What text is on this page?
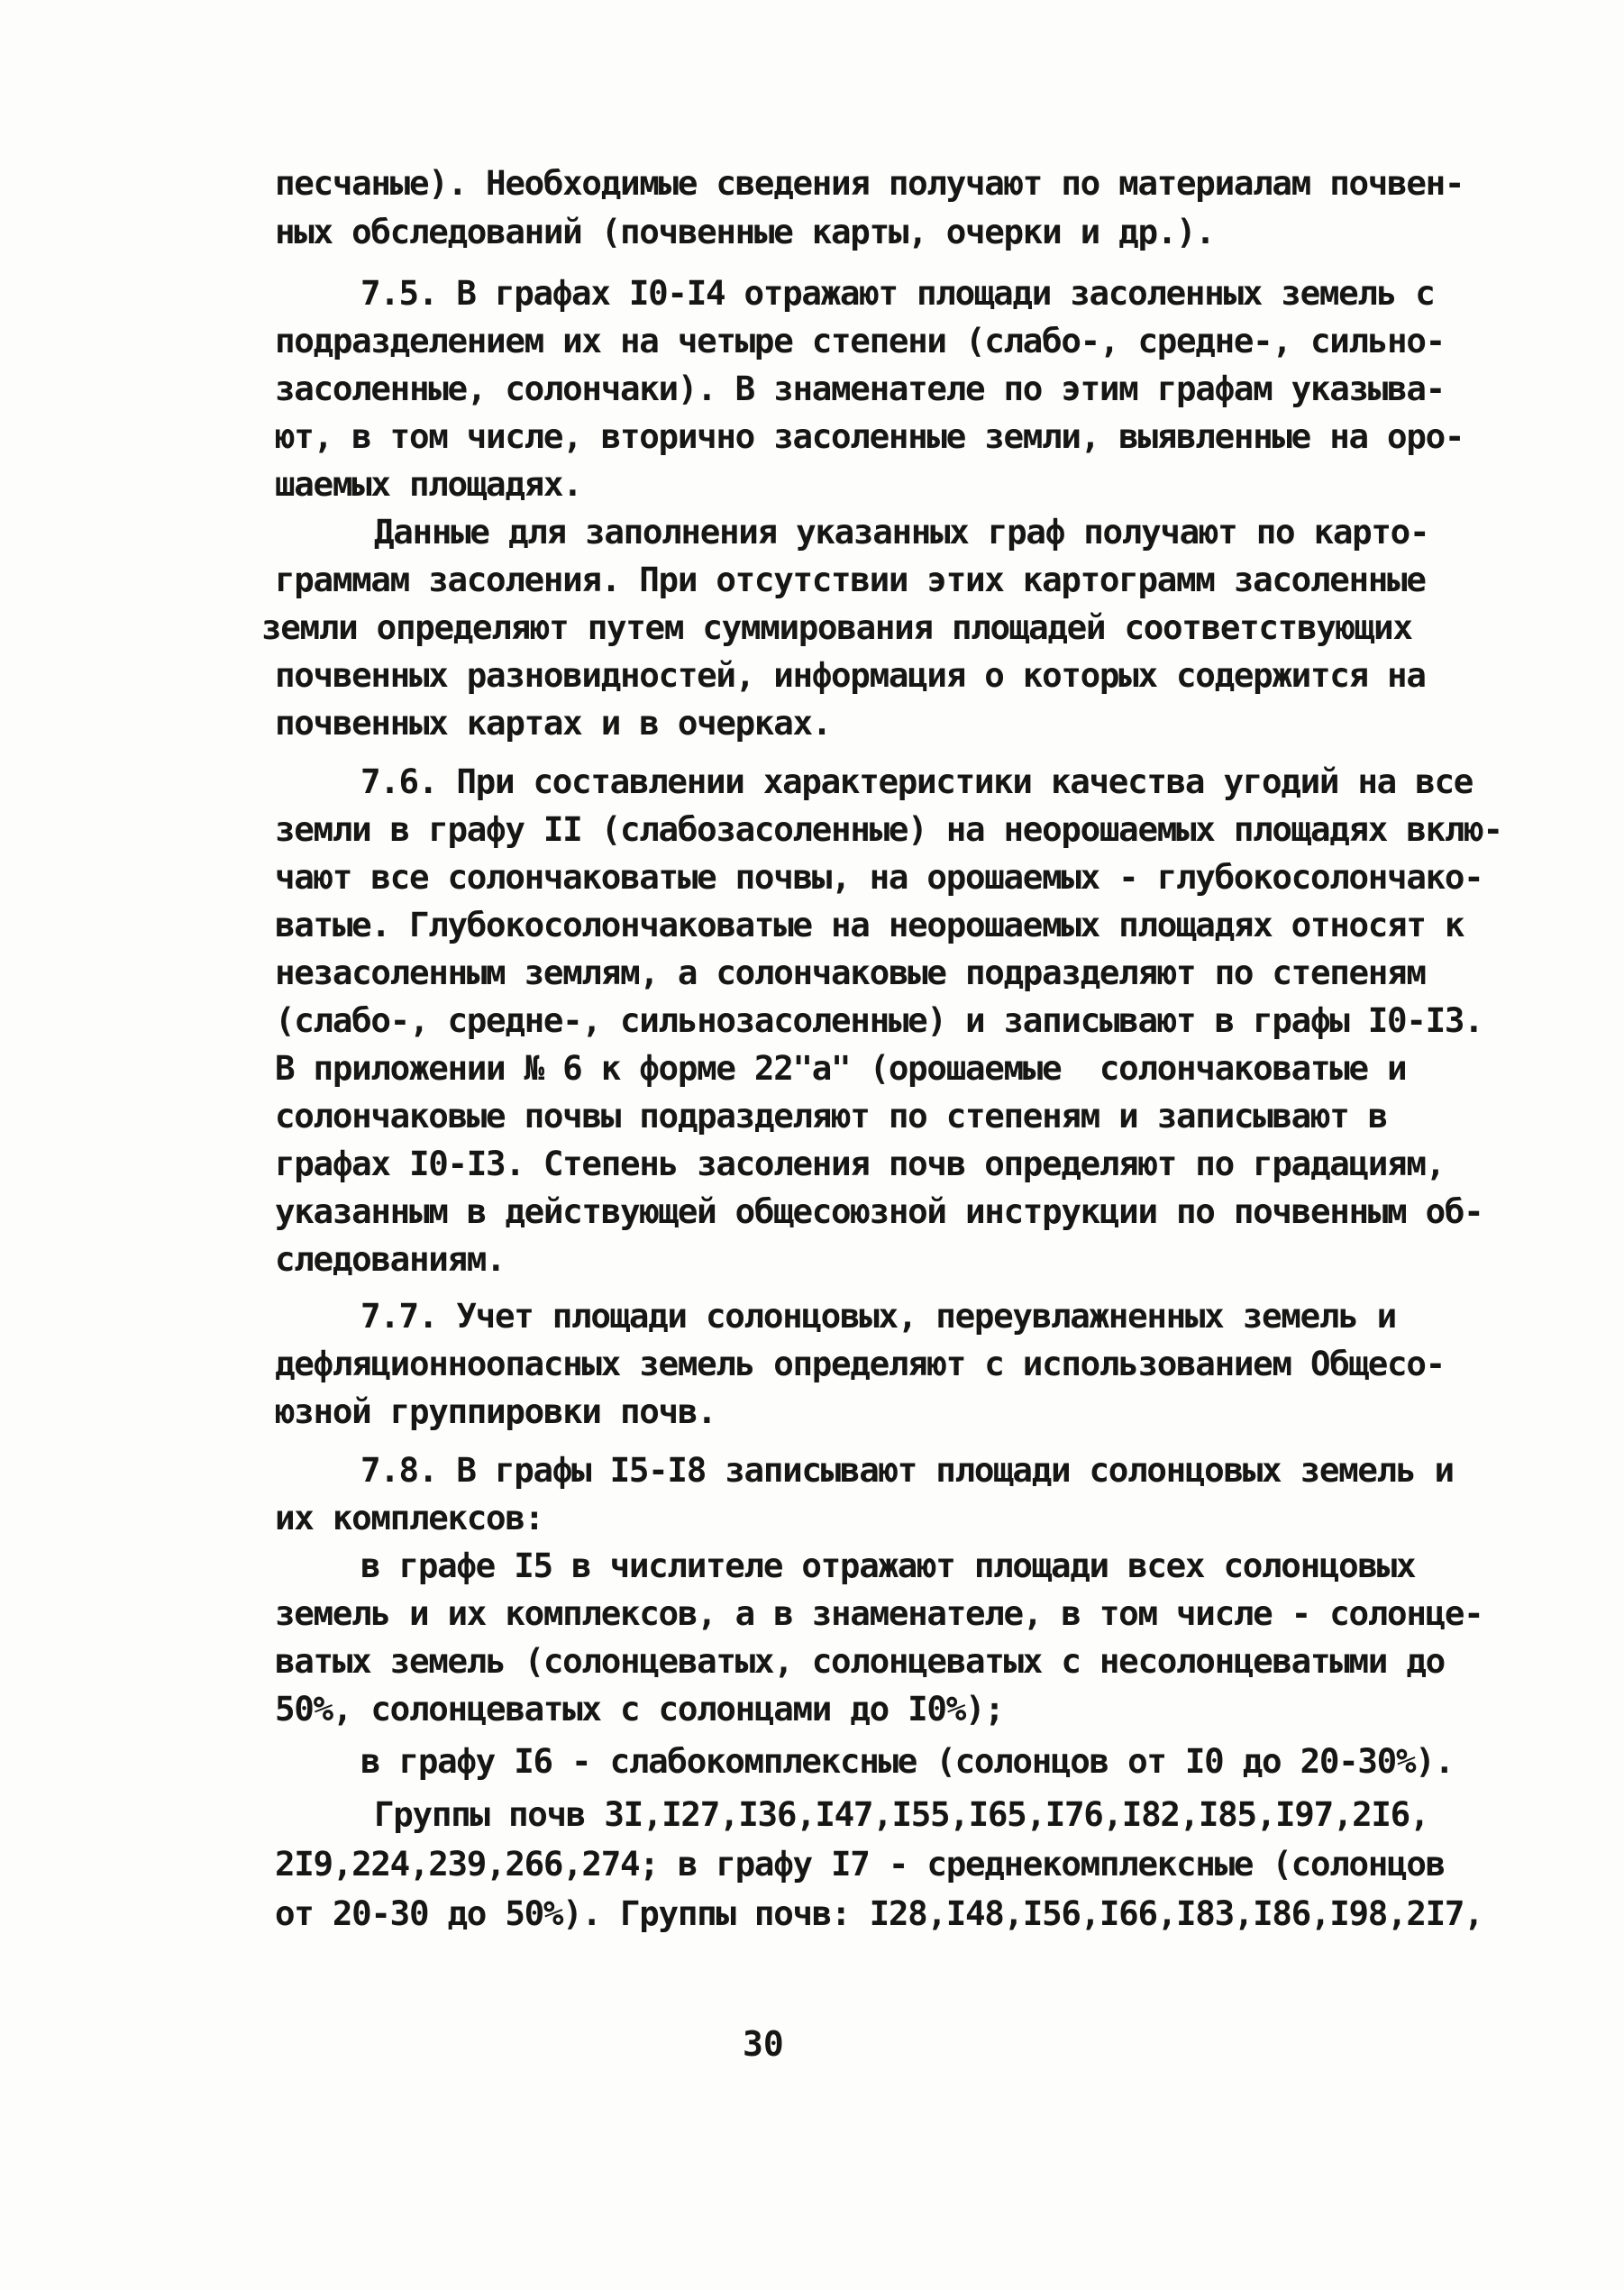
песчаные). Необходимые сведения получают по материалам почвен-
ных обследований (почвенные карты, очерки и др.).
7.5. В графах I0-I4 отражают площади засоленных земель с
подразделением их на четыре степени (слабо-, средне-, сильно-
засоленные, солончаки). В знаменателе по этим графам указыва-
ют, в том числе, вторично засоленные земли, выявленные на оро-
шаемых площадях.
Данные для заполнения указанных граф получают по карто-
граммам засоления. При отсутствии этих картограмм засоленные
земли определяют путем суммирования площадей соответствующих
почвенных разновидностей, информация о которых содержится на
почвенных картах и в очерках.
7.6. При составлении характеристики качества угодий на все
земли в графу II (слабозасоленные) на неорошаемых площадях вклю-
чают все солончаковатые почвы, на орошаемых - глубокосолончако-
ватые. Глубокосолончаковатые на неорошаемых площадях относят к
незасоленным землям, а солончаковые подразделяют по степеням
(слабо-, средне-, сильнозасоленные) и записывают в графы I0-I3.
В приложении № 6 к форме 22"а" (орошаемые  солончаковатые и
солончаковые почвы подразделяют по степеням и записывают в
графах I0-I3. Степень засоления почв определяют по градациям,
указанным в действующей общесоюзной инструкции по почвенным об-
следованиям.
7.7. Учет площади солонцовых, переувлажненных земель и
дефляционноопасных земель определяют с использованием Общесо-
юзной группировки почв.
7.8. В графы I5-I8 записывают площади солонцовых земель и
их комплексов:
в графе I5 в числителе отражают площади всех солонцовых
земель и их комплексов, а в знаменателе, в том числе - солонце-
ватых земель (солонцеватых, солонцеватых с несолонцеватыми до
50%, солонцеватых с солонцами до I0%);
в графу I6 - слабокомплексные (солонцов от I0 до 20-30%).
Группы почв 3I,I27,I36,I47,I55,I65,I76,I82,I85,I97,2I6,
2I9,224,239,266,274; в графу I7 - среднекомплексные (солонцов
от 20-30 до 50%). Группы почв: I28,I48,I56,I66,I83,I86,I98,2I7,
30
